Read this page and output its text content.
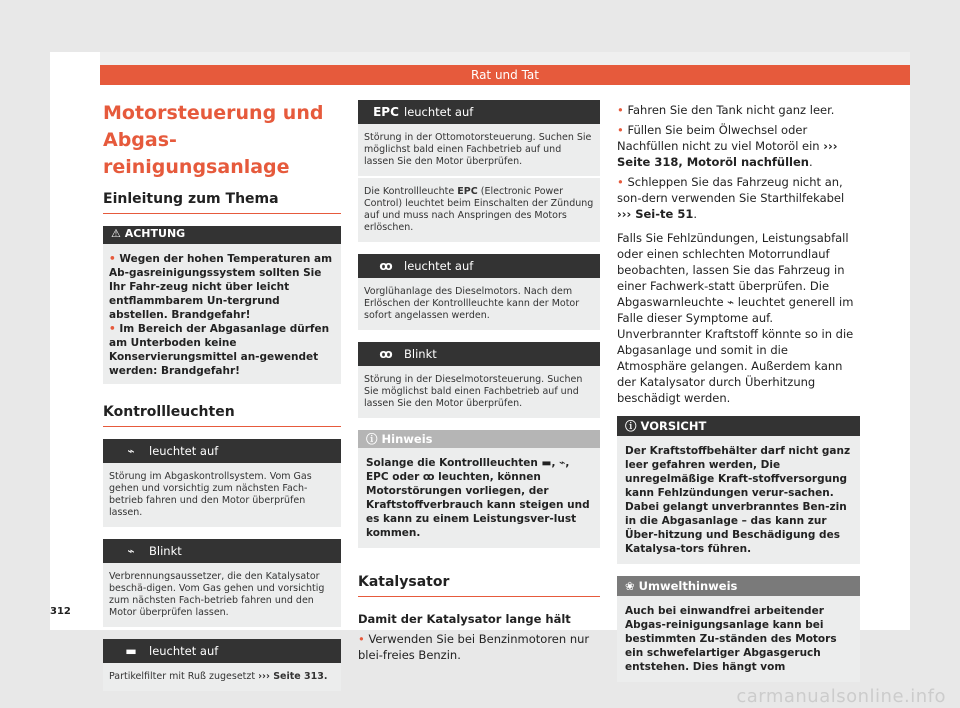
Rat und Tat
Motorsteuerung und Abgas-reinigungsanlage
Einleitung zum Thema
⚠ ACHTUNG
• Wegen der hohen Temperaturen am Ab-gasreinigungssystem sollten Sie Ihr Fahr-zeug nicht über leicht entflammbarem Un-tergrund abstellen. Brandgefahr!
• Im Bereich der Abgasanlage dürfen am Unterboden keine Konservierungsmittel an-gewendet werden: Brandgefahr!
Kontrollleuchten
⌁	leuchtet auf
Störung im Abgaskontrollsystem. Vom Gas gehen und vorsichtig zum nächsten Fach-betrieb fahren und den Motor überprüfen lassen.
⌁	Blinkt
Verbrennungsaussetzer, die den Katalysator beschä-digen. Vom Gas gehen und vorsichtig zum nächsten Fach-betrieb fahren und den Motor überprüfen lassen.
▬	leuchtet auf
Partikelfilter mit Ruß zugesetzt ››› Seite 313.
EPC leuchtet auf
Störung in der Ottomotorsteuerung. Suchen Sie möglichst bald einen Fachbetrieb auf und lassen Sie den Motor überprüfen.
Die Kontrollleuchte EPC (Electronic Power Control) leuchtet beim Einschalten der Zündung auf und muss nach Anspringen des Motors erlöschen.
ꝏ leuchtet auf
Vorglühanlage des Dieselmotors. Nach dem Erlöschen der Kontrollleuchte kann der Motor sofort angelassen werden.
ꝏ Blinkt
Störung in der Dieselmotorsteuerung. Suchen Sie möglichst bald einen Fachbetrieb auf und lassen Sie den Motor überprüfen.
ⓘ Hinweis
Solange die Kontrollleuchten ▬, ⌁, EPC oder ꝏ leuchten, können Motorstörungen vorliegen, der Kraftstoffverbrauch kann steigen und es kann zu einem Leistungsver-lust kommen.
Katalysator
Damit der Katalysator lange hält
• Verwenden Sie bei Benzinmotoren nur blei-freies Benzin.
• Fahren Sie den Tank nicht ganz leer.
• Füllen Sie beim Ölwechsel oder Nachfüllen nicht zu viel Motoröl ein ››› Seite 318, Motoröl nachfüllen.
• Schleppen Sie das Fahrzeug nicht an, son-dern verwenden Sie Starthilfekabel ››› Sei-te 51.
Falls Sie Fehlzündungen, Leistungsabfall oder einen schlechten Motorrundlauf beobachten, lassen Sie das Fahrzeug in einer Fachwerk-statt überprüfen. Die Abgaswarnleuchte ⌁ leuchtet generell im Falle dieser Symptome auf. Unverbrannter Kraftstoff könnte so in die Abgasanlage und somit in die Atmosphäre gelangen. Außerdem kann der Katalysator durch Überhitzung beschädigt werden.
ⓘ VORSICHT
Der Kraftstoffbehälter darf nicht ganz leer gefahren werden, Die unregelmäßige Kraft-stoffversorgung kann Fehlzündungen verur-sachen. Dabei gelangt unverbranntes Ben-zin in die Abgasanlage – das kann zur Über-hitzung und Beschädigung des Katalysa-tors führen.
❀ Umwelthinweis
Auch bei einwandfrei arbeitender Abgas-reinigungsanlage kann bei bestimmten Zu-ständen des Motors ein schwefelartiger Abgasgeruch entstehen. Dies hängt vom
312
carmanualsonline.info
